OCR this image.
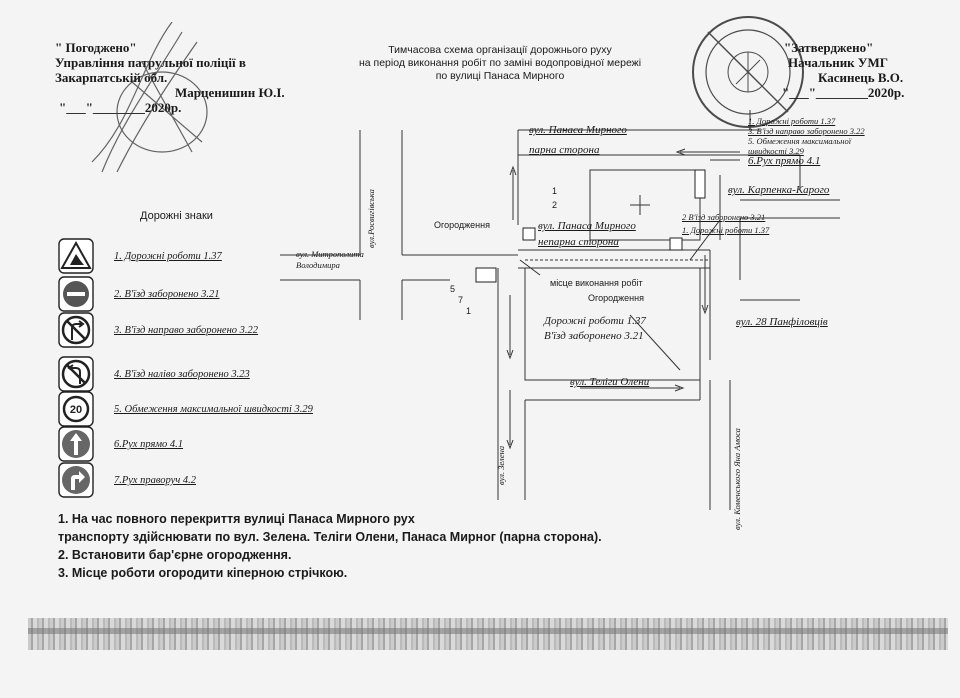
" Погоджено"
Управління патрульної поліції в
Закарпатській обл.
Марценишин Ю.І.
"___"________2020р.
Тимчасова схема організації дорожнього руху
на період виконання робіт по заміні водопровідної мережі
по вулиці Панаса Мирного
"Затверджено"
Начальник УМГ
Касинець В.О.
"___"________2020р.
Дорожні знаки
1. Дорожні роботи 1.37
2. В'їзд заборонено 3.21
3. В'їзд направо заборонено 3.22
4. В'їзд наліво заборонено 3.23
20	5. Обмеження максимальної швидкості 3.29
6.Рух прямо 4.1
7.Рух праворуч 4.2
вул. Панаса Мирного
парна сторона
вул. Панаса Мирного
непарна сторона
вул.Росвигівська
вул. Митрополита
Володимира
вул. Карпенка-Карого
вул. 28 Панфіловців
вул. Теліги Олени
вул. Зелена	вул. Коменського Яна Амоса
Огородження
Огородження
місце виконання робіт
Дорожні роботи 1.37
В'їзд заборонено 3.21
1
2
5
7
1
1. Дорожні роботи 1.37
3. В'їзд направо заборонено 3.22
5. Обмеження максимальної
швидкості 3.29
6.Рух прямо 4.1
2 В'їзд заборонено 3.21
1. Дорожні роботи 1.37
1. На час повного перекриття вулиці Панаса Мирного рух
транспорту здійснювати по вул. Зелена. Теліги Олени, Панаса Мирног (парна сторона).
2. Встановити бар'єрне огородження.
3. Місце роботи огородити кіперною стрічкою.
